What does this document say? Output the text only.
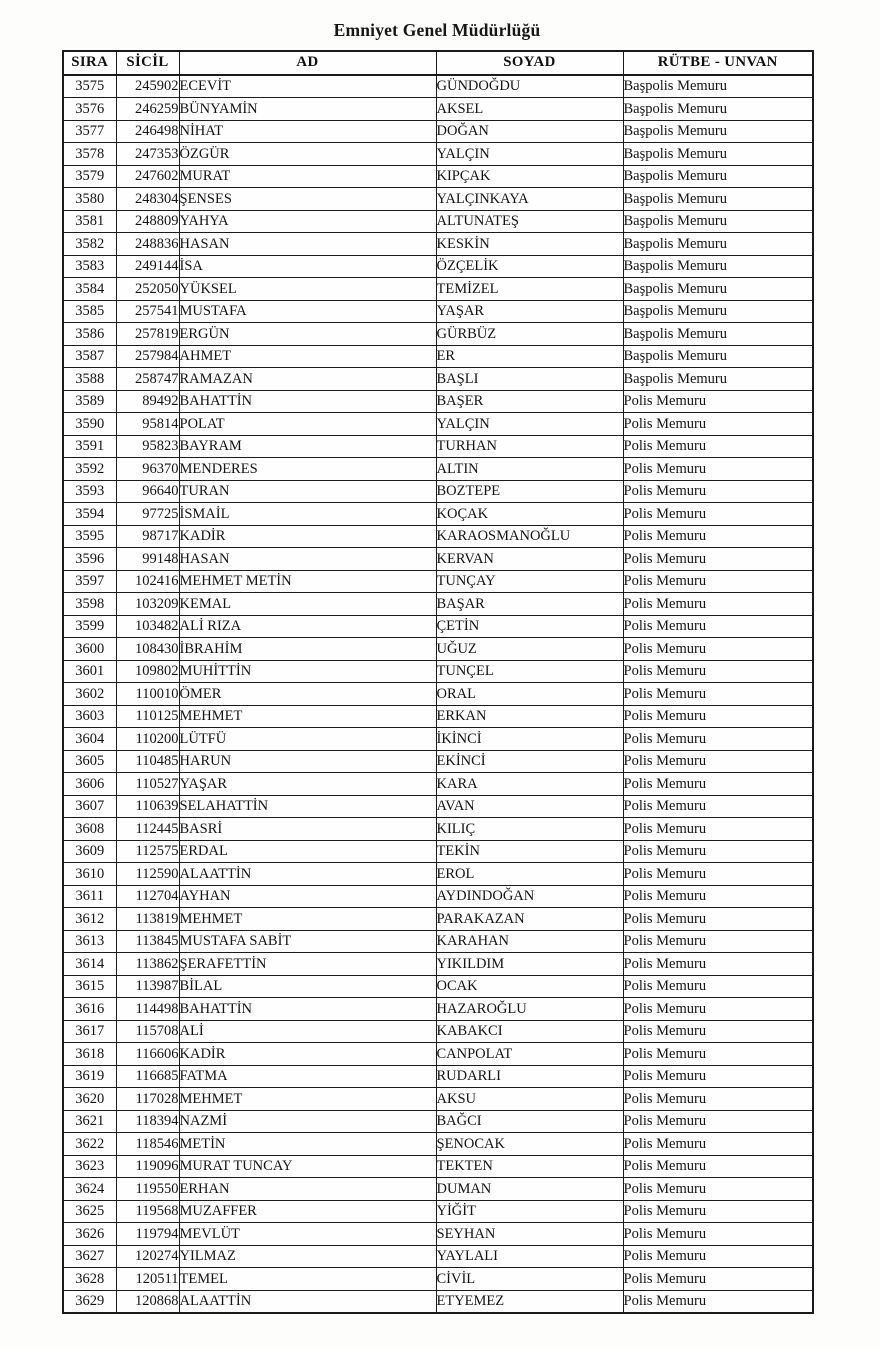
Emniyet Genel Müdürlüğü
SIRA	SİCİL	AD	SOYAD	RÜTBE - UNVAN
3575	245902	ECEVİT	GÜNDOĞDU	Başpolis Memuru
3576	246259	BÜNYAMİN	AKSEL	Başpolis Memuru
3577	246498	NİHAT	DOĞAN	Başpolis Memuru
3578	247353	ÖZGÜR	YALÇIN	Başpolis Memuru
3579	247602	MURAT	KIPÇAK	Başpolis Memuru
3580	248304	ŞENSES	YALÇINKAYA	Başpolis Memuru
3581	248809	YAHYA	ALTUNATEŞ	Başpolis Memuru
3582	248836	HASAN	KESKİN	Başpolis Memuru
3583	249144	İSA	ÖZÇELİK	Başpolis Memuru
3584	252050	YÜKSEL	TEMİZEL	Başpolis Memuru
3585	257541	MUSTAFA	YAŞAR	Başpolis Memuru
3586	257819	ERGÜN	GÜRBÜZ	Başpolis Memuru
3587	257984	AHMET	ER	Başpolis Memuru
3588	258747	RAMAZAN	BAŞLI	Başpolis Memuru
3589	89492	BAHATTİN	BAŞER	Polis Memuru
3590	95814	POLAT	YALÇIN	Polis Memuru
3591	95823	BAYRAM	TURHAN	Polis Memuru
3592	96370	MENDERES	ALTIN	Polis Memuru
3593	96640	TURAN	BOZTEPE	Polis Memuru
3594	97725	İSMAİL	KOÇAK	Polis Memuru
3595	98717	KADİR	KARAOSMANOĞLU	Polis Memuru
3596	99148	HASAN	KERVAN	Polis Memuru
3597	102416	MEHMET METİN	TUNÇAY	Polis Memuru
3598	103209	KEMAL	BAŞAR	Polis Memuru
3599	103482	ALİ RIZA	ÇETİN	Polis Memuru
3600	108430	İBRAHİM	UĞUZ	Polis Memuru
3601	109802	MUHİTTİN	TUNÇEL	Polis Memuru
3602	110010	ÖMER	ORAL	Polis Memuru
3603	110125	MEHMET	ERKAN	Polis Memuru
3604	110200	LÜTFÜ	İKİNCİ	Polis Memuru
3605	110485	HARUN	EKİNCİ	Polis Memuru
3606	110527	YAŞAR	KARA	Polis Memuru
3607	110639	SELAHATTİN	AVAN	Polis Memuru
3608	112445	BASRİ	KILIÇ	Polis Memuru
3609	112575	ERDAL	TEKİN	Polis Memuru
3610	112590	ALAATTİN	EROL	Polis Memuru
3611	112704	AYHAN	AYDINDOĞAN	Polis Memuru
3612	113819	MEHMET	PARAKAZAN	Polis Memuru
3613	113845	MUSTAFA SABİT	KARAHAN	Polis Memuru
3614	113862	ŞERAFETTİN	YIKILDIM	Polis Memuru
3615	113987	BİLAL	OCAK	Polis Memuru
3616	114498	BAHATTİN	HAZAROĞLU	Polis Memuru
3617	115708	ALİ	KABAKCI	Polis Memuru
3618	116606	KADİR	CANPOLAT	Polis Memuru
3619	116685	FATMA	RUDARLI	Polis Memuru
3620	117028	MEHMET	AKSU	Polis Memuru
3621	118394	NAZMİ	BAĞCI	Polis Memuru
3622	118546	METİN	ŞENOCAK	Polis Memuru
3623	119096	MURAT TUNCAY	TEKTEN	Polis Memuru
3624	119550	ERHAN	DUMAN	Polis Memuru
3625	119568	MUZAFFER	YİĞİT	Polis Memuru
3626	119794	MEVLÜT	SEYHAN	Polis Memuru
3627	120274	YILMAZ	YAYLALI	Polis Memuru
3628	120511	TEMEL	CİVİL	Polis Memuru
3629	120868	ALAATTİN	ETYEMEZ	Polis Memuru
